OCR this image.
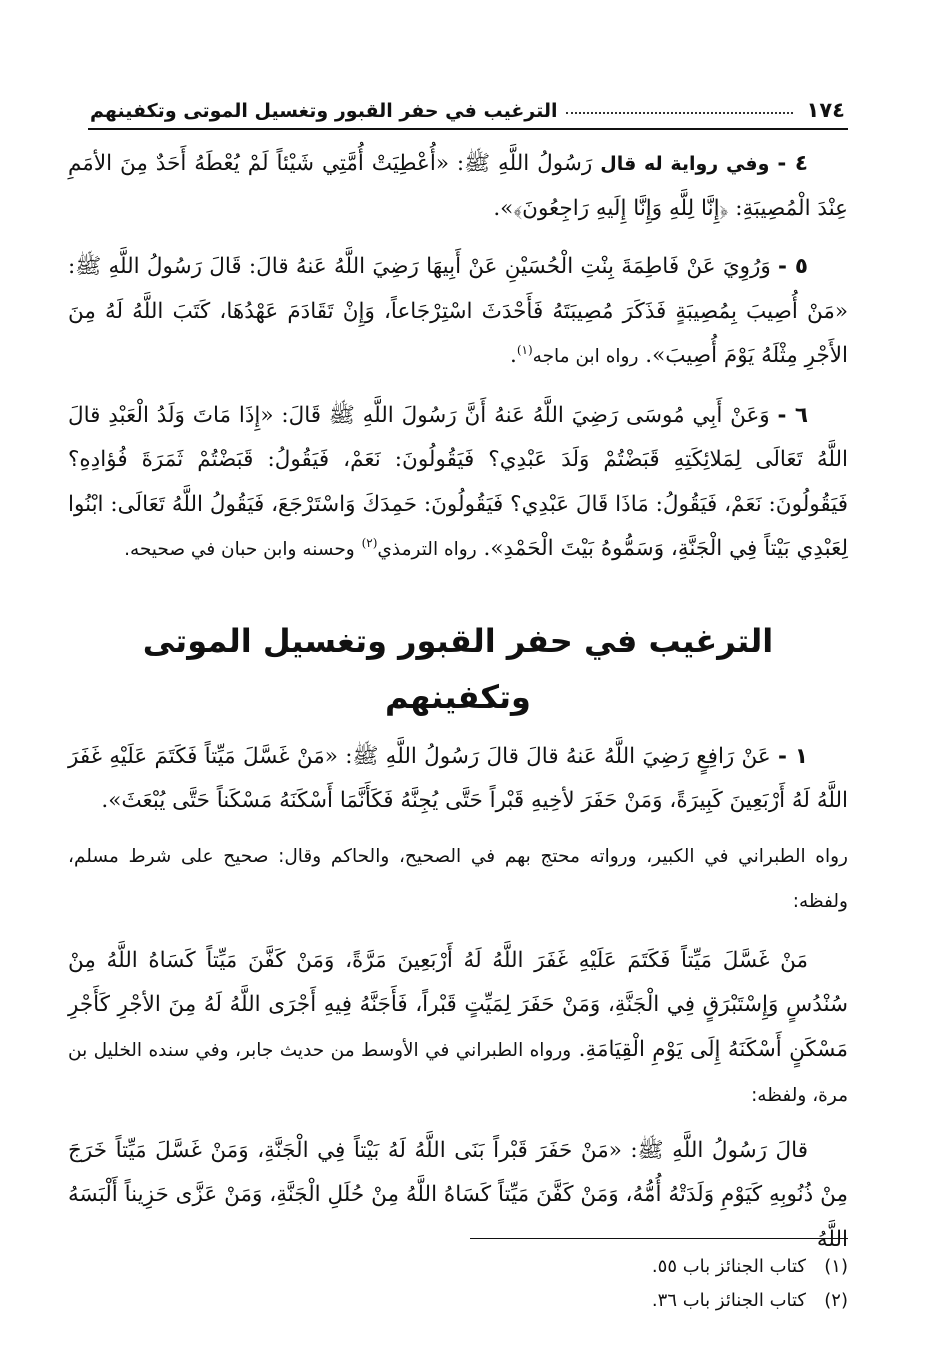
١٧٤
الترغيب في حفر القبور وتغسيل الموتى وتكفينهم

٤ - وفي رواية له قال رَسُولُ اللَّهِ ﷺ: «أُعْطِيَتْ أُمَّتِي شَيْئاً لَمْ يُعْطَهُ أَحَدٌ مِنَ الأمَمِ عِنْدَ الْمُصِيبَةِ: ﴿إِنَّا لِلَّهِ وَإِنَّا إِلَيهِ رَاجِعُونَ﴾».

٥ - وَرُوِيَ عَنْ فَاطِمَةَ بِنْتِ الْحُسَيْنِ عَنْ أَبِيهَا رَضِيَ اللَّهُ عَنهُ قالَ: قَالَ رَسُولُ اللَّهِ ﷺ: «مَنْ أُصِيبَ بِمُصِيبَةٍ فَذَكَرَ مُصِيبَتَهُ فَأَحْدَثَ اسْتِرْجَاعاً، وَإِنْ تَقَادَمَ عَهْدُهَا، كَتَبَ اللَّهُ لَهُ مِنَ الأَجْرِ مِثْلَهُ يَوْمَ أُصِيبَ». رواه ابن ماجه$^{(١)}$.

٦ - وَعَنْ أَبِي مُوسَى رَضِيَ اللَّهُ عَنهُ أَنَّ رَسُولَ اللَّهِ ﷺ قَالَ: «إِذَا مَاتَ وَلَدُ الْعَبْدِ قالَ اللَّهُ تَعَالَى لِمَلائِكَتِهِ قَبَضْتُمْ وَلَدَ عَبْدِي؟ فَيَقُولُونَ: نَعَمْ، فَيَقُولُ: قَبَضْتُمْ ثَمَرَةَ فُؤادِهِ؟ فَيَقُولُونَ: نَعَمْ، فَيَقُولُ: مَاذَا قَالَ عَبْدِي؟ فَيَقُولُونَ: حَمِدَكَ وَاسْتَرْجَعَ، فَيَقُولُ اللَّهُ تَعَالَى: ابْنُوا لِعَبْدِي بَيْتاً فِي الْجَنَّةِ، وَسَمُّوهُ بَيْتَ الْحَمْدِ». رواه الترمذي$^{(٢)}$ وحسنه وابن حبان في صحيحه.

الترغيب في حفر القبور وتغسيل الموتى وتكفينهم

١ - عَنْ رَافِعٍ رَضِيَ اللَّهُ عَنهُ قالَ قالَ رَسُولُ اللَّهِ ﷺ: «مَنْ غَسَّلَ مَيِّتاً فَكَتَمَ عَلَيْهِ غَفَرَ اللَّهُ لَهُ أَرْبَعِينَ كَبِيرَةً، وَمَنْ حَفَرَ لأخِيهِ قَبْراً حَتَّى يُجِنَّهُ فَكَأَنَّمَا أَسْكَنَهُ مَسْكَناً حَتَّى يُبْعَثَ».

رواه الطبراني في الكبير، ورواته محتج بهم في الصحيح، والحاكم وقال: صحيح على شرط مسلم، ولفظه:

مَنْ غَسَّلَ مَيِّتاً فَكَتَمَ عَلَيْهِ غَفَرَ اللَّهُ لَهُ أَرْبَعِينَ مَرَّةً، وَمَنْ كَفَّنَ مَيِّتاً كَسَاهُ اللَّهُ مِنْ سُنْدُسٍ وَإِسْتَبْرَقٍ فِي الْجَنَّةِ، وَمَنْ حَفَرَ لِمَيِّتٍ قَبْراً، فَأَجَنَّهُ فِيهِ أَجْرَى اللَّهُ لَهُ مِنَ الأجْرِ كَأَجْرِ مَسْكَنٍ أَسْكَنَهُ إِلَى يَوْمِ الْقِيَامَةِ. ورواه الطبراني في الأوسط من حديث جابر، وفي سنده الخليل بن مرة، ولفظه:

قالَ رَسُولُ اللَّهِ ﷺ: «مَنْ حَفَرَ قَبْراً بَنَى اللَّهُ لَهُ بَيْتاً فِي الْجَنَّةِ، وَمَنْ غَسَّلَ مَيِّتاً خَرَجَ مِنْ ذُنُوبِهِ كَيَوْمِ وَلَدَتْهُ أُمُّهُ، وَمَنْ كَفَّنَ مَيِّتاً كَسَاهُ اللَّهُ مِنْ حُلَلِ الْجَنَّةِ، وَمَنْ عَزَّى حَزِيناً أَلْبَسَهُ اللَّهُ

(١)
كتاب الجنائز باب ٥٥.
(٢)
كتاب الجنائز باب ٣٦.
